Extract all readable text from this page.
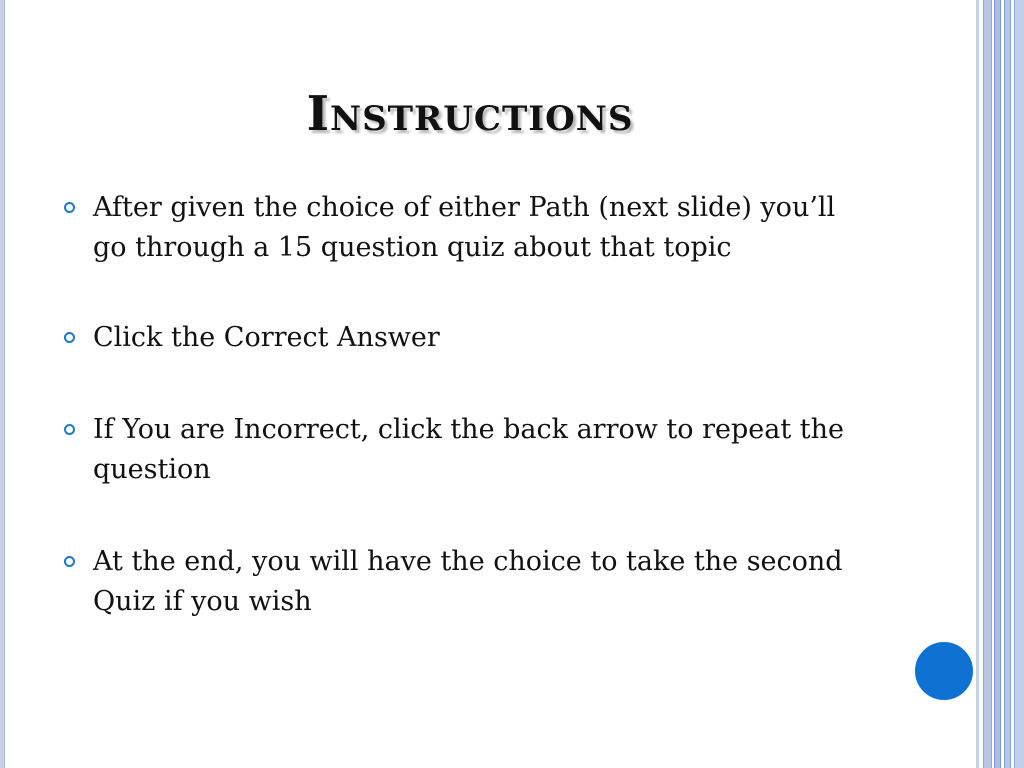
Instructions
After given the choice of either Path (next slide) you’ll go through a 15 question quiz about that topic
Click the Correct Answer
If You are Incorrect, click the back arrow to repeat the question
At the end, you will have the choice to take the second Quiz if you wish
